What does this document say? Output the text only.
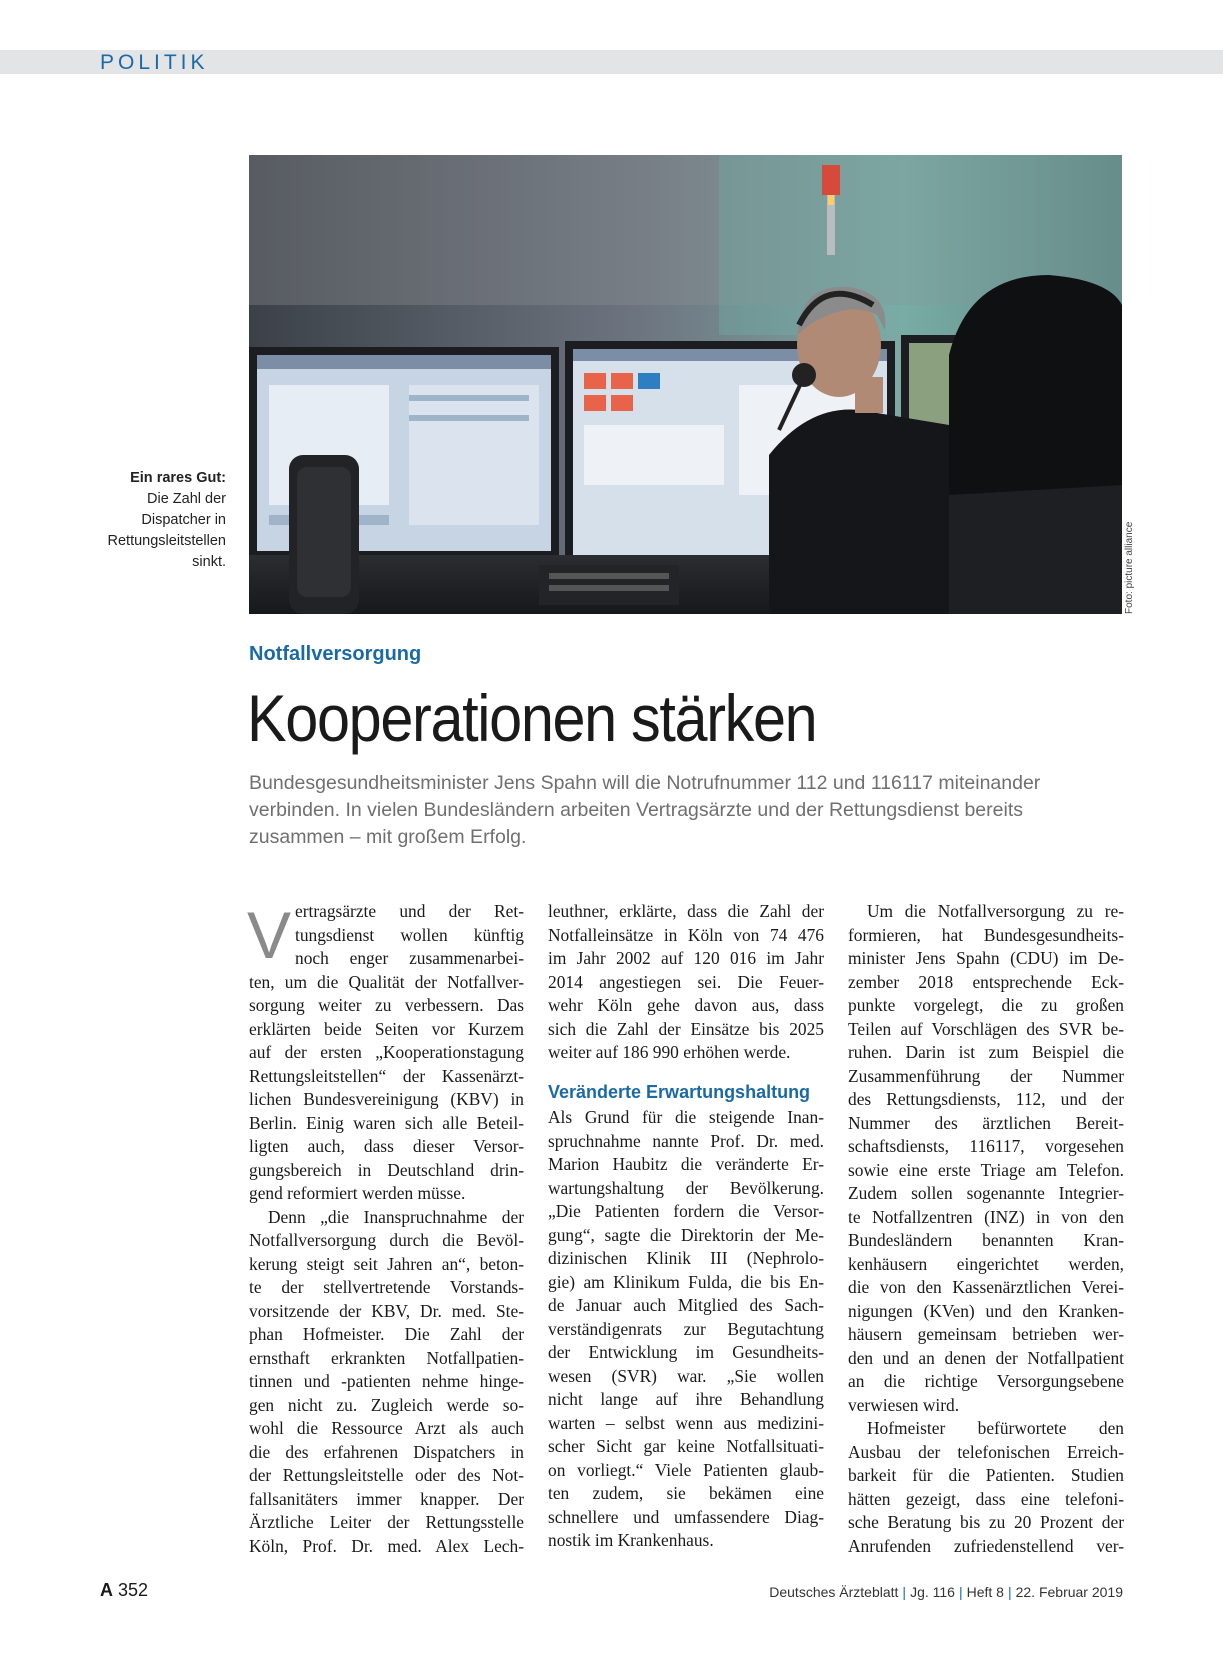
POLITIK
Ein rares Gut:
Die Zahl der
Dispatcher in
Rettungsleitstellen
sinkt.	Foto: picture alliance
Notfallversorgung
Kooperationen stärken
Bundesgesundheitsminister Jens Spahn will die Notrufnummer 112 und 116117 miteinander
verbinden. In vielen Bundesländern arbeiten Vertragsärzte und der Rettungsdienst bereits
zusammen – mit großem Erfolg.
V ertragsärzte und der Ret-
tungsdienst wollen künftig
noch enger zusammenarbei-
ten, um die Qualität der Notfallver-
sorgung weiter zu verbessern. Das
erklärten beide Seiten vor Kurzem
auf der ersten „Kooperationstagung
Rettungsleitstellen“ der Kassenärzt-
lichen Bundesvereinigung (KBV) in
Berlin. Einig waren sich alle Beteil-
ligten auch, dass dieser Versor-
gungsbereich in Deutschland drin-
gend reformiert werden müsse.
Denn „die Inanspruchnahme der
Notfallversorgung durch die Bevöl-
kerung steigt seit Jahren an“, beton-
te der stellvertretende Vorstands-
vorsitzende der KBV, Dr. med. Ste-
phan Hofmeister. Die Zahl der
ernsthaft erkrankten Notfallpatien-
tinnen und -patienten nehme hinge-
gen nicht zu. Zugleich werde so-
wohl die Ressource Arzt als auch
die des erfahrenen Dispatchers in
der Rettungsleitstelle oder des Not-
fallsanitäters immer knapper. Der
Ärztliche Leiter der Rettungsstelle
Köln, Prof. Dr. med. Alex Lech-
leuthner, erklärte, dass die Zahl der
Notfalleinsätze in Köln von 74 476
im Jahr 2002 auf 120 016 im Jahr
2014 angestiegen sei. Die Feuer-
wehr Köln gehe davon aus, dass
sich die Zahl der Einsätze bis 2025
weiter auf 186 990 erhöhen werde.
Veränderte Erwartungshaltung
Als Grund für die steigende Inan-
spruchnahme nannte Prof. Dr. med.
Marion Haubitz die veränderte Er-
wartungshaltung der Bevölkerung.
„Die Patienten fordern die Versor-
gung“, sagte die Direktorin der Me-
dizinischen Klinik III (Nephrolo-
gie) am Klinikum Fulda, die bis En-
de Januar auch Mitglied des Sach-
verständigenrats zur Begutachtung
der Entwicklung im Gesundheits-
wesen (SVR) war. „Sie wollen
nicht lange auf ihre Behandlung
warten – selbst wenn aus medizini-
scher Sicht gar keine Notfallsituati-
on vorliegt.“ Viele Patienten glaub-
ten zudem, sie bekämen eine
schnellere und umfassendere Diag-
nostik im Krankenhaus.
Um die Notfallversorgung zu re-
formieren, hat Bundesgesundheits-
minister Jens Spahn (CDU) im De-
zember 2018 entsprechende Eck-
punkte vorgelegt, die zu großen
Teilen auf Vorschlägen des SVR be-
ruhen. Darin ist zum Beispiel die
Zusammenführung der Nummer
des Rettungsdiensts, 112, und der
Nummer des ärztlichen Bereit-
schaftsdiensts, 116117, vorgesehen
sowie eine erste Triage am Telefon.
Zudem sollen sogenannte Integrier-
te Notfallzentren (INZ) in von den
Bundesländern benannten Kran-
kenhäusern eingerichtet werden,
die von den Kassenärztlichen Verei-
nigungen (KVen) und den Kranken-
häusern gemeinsam betrieben wer-
den und an denen der Notfallpatient
an die richtige Versorgungsebene
verwiesen wird.
Hofmeister befürwortete den
Ausbau der telefonischen Erreich-
barkeit für die Patienten. Studien
hätten gezeigt, dass eine telefoni-
sche Beratung bis zu 20 Prozent der
Anrufenden zufriedenstellend ver-
A 352	Deutsches Ärzteblatt | Jg. 116 | Heft 8 | 22. Februar 2019
